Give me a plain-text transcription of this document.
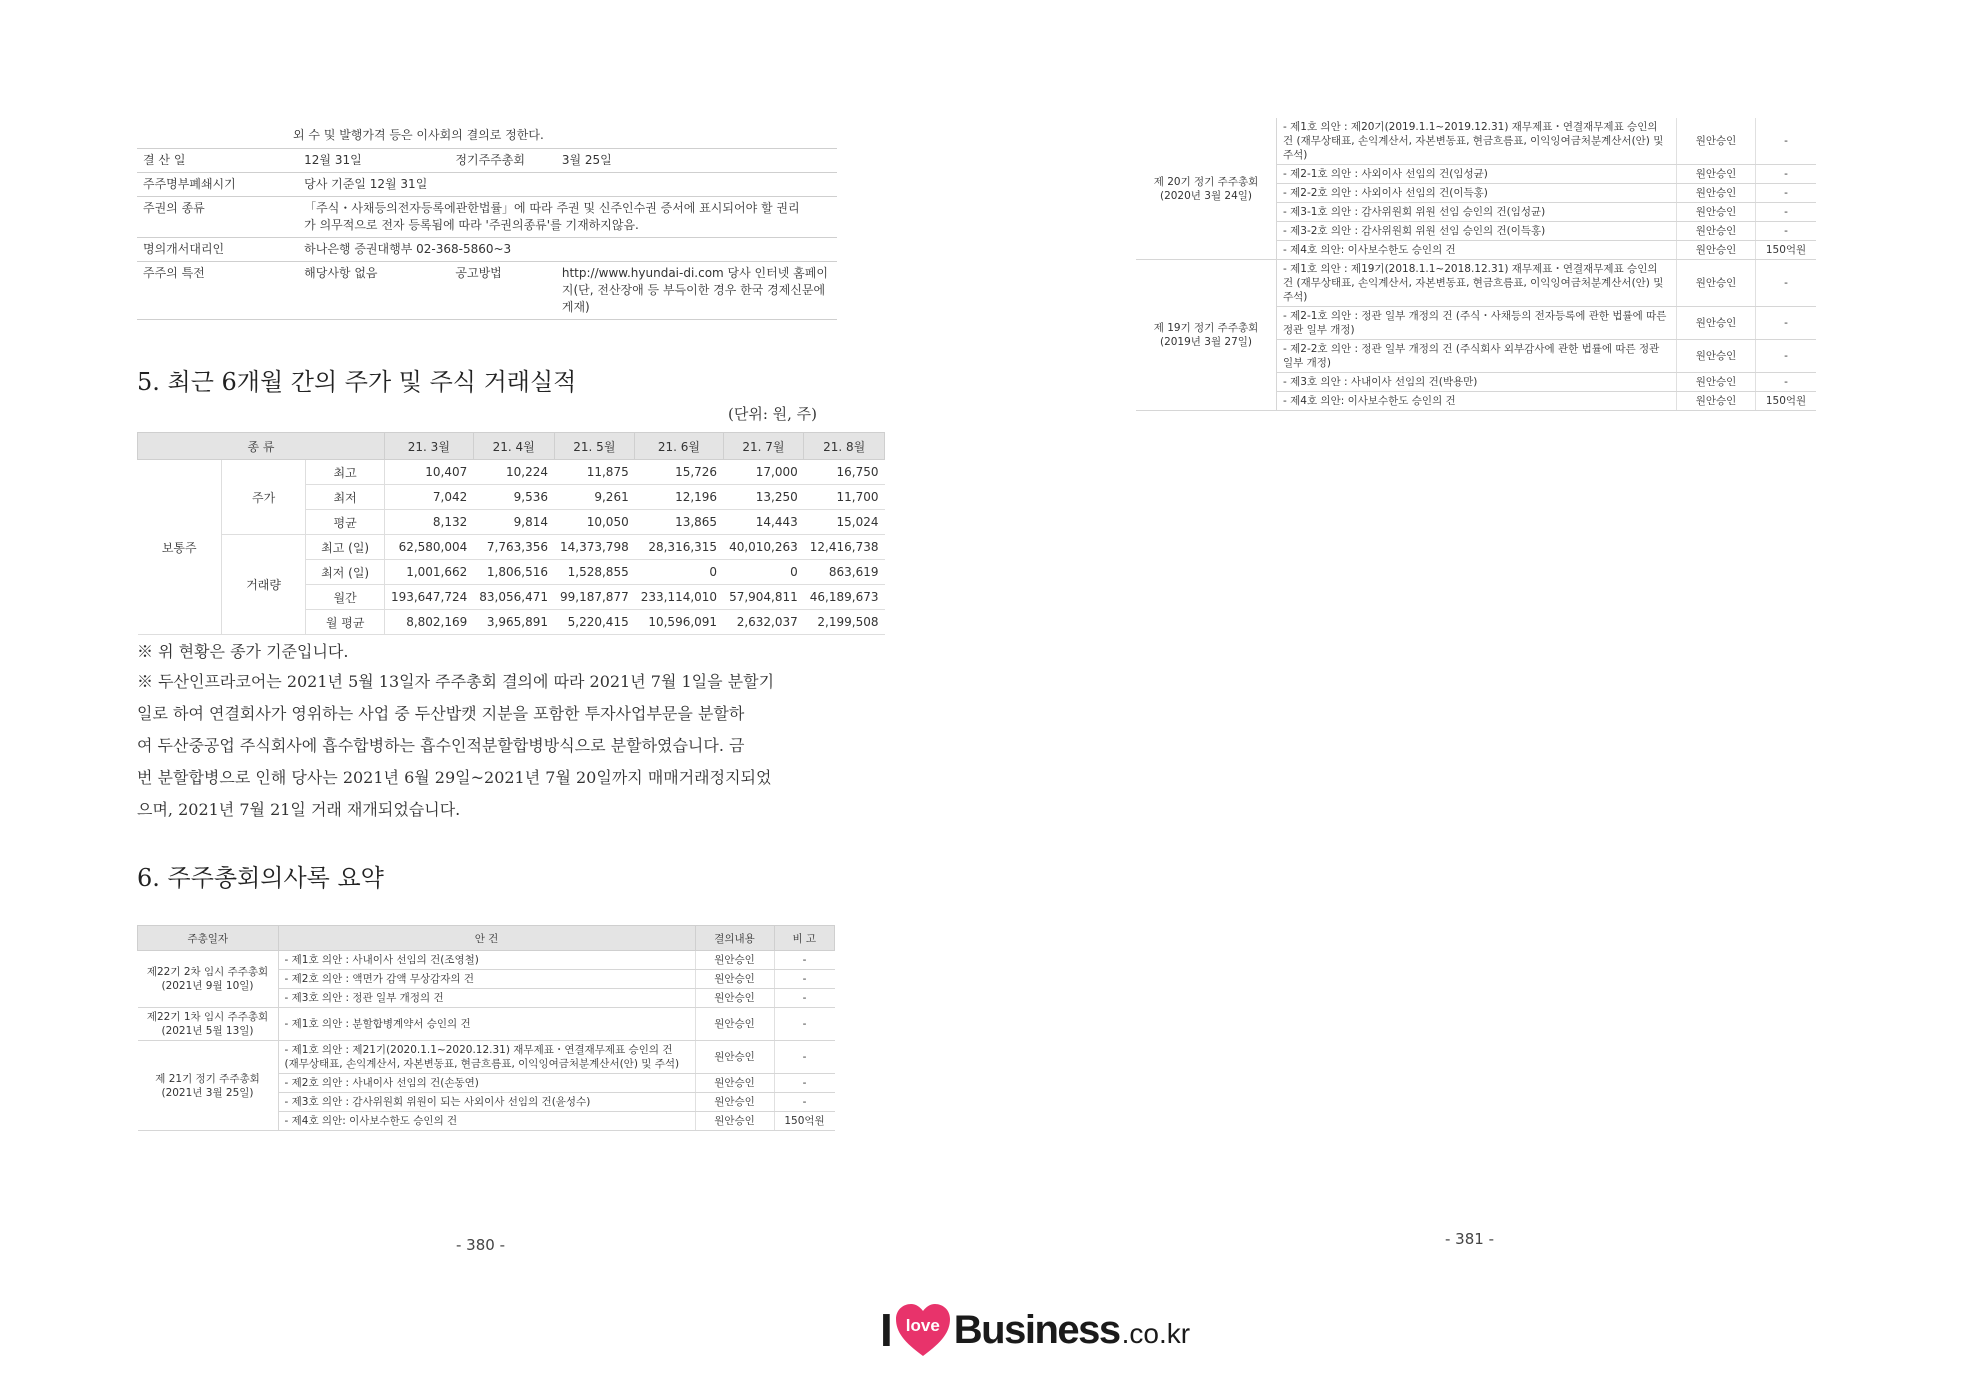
외 수 및 발행가격 등은 이사회의 결의로 정한다.
결 산 일	12월 31일	정기주주총회	3월 25일
주주명부폐쇄시기	당사 기준일 12월 31일		
주권의 종류	「주식・사채등의전자등록에관한법률」에 따라 주권 및 신주인수권 증서에 표시되어야 할 권리가 의무적으로 전자 등록됨에 따라 '주권의종류'를 기재하지않음.		
명의개서대리인	하나은행 증권대행부 02-368-5860~3		
주주의 특전	해당사항 없음	공고방법	http://www.hyundai-di.com 당사 인터넷 홈페이지(단, 전산장애 등 부득이한 경우 한국 경제신문에 게재)
5. 최근 6개월 간의 주가 및 주식 거래실적
(단위: 원, 주)
종 류			21. 3월	21. 4월	21. 5월	21. 6월	21. 7월	21. 8월
보통주	주가	최고	10,407	10,224	11,875	15,726	17,000	16,750
		최저	7,042	9,536	9,261	12,196	13,250	11,700
		평균	8,132	9,814	10,050	13,865	14,443	15,024
	거래량	최고 (일)	62,580,004	7,763,356	14,373,798	28,316,315	40,010,263	12,416,738
		최저 (일)	1,001,662	1,806,516	1,528,855	0	0	863,619
		월간	193,647,724	83,056,471	99,187,877	233,114,010	57,904,811	46,189,673
		월 평균	8,802,169	3,965,891	5,220,415	10,596,091	2,632,037	2,199,508
※ 위 현황은 종가 기준입니다.
※ 두산인프라코어는 2021년 5월 13일자 주주총회 결의에 따라 2021년 7월 1일을 분할기
일로 하여 연결회사가 영위하는 사업 중 두산밥캣 지분을 포함한 투자사업부문을 분할하
여 두산중공업 주식회사에 흡수합병하는 흡수인적분할합병방식으로 분할하였습니다. 금
번 분할합병으로 인해 당사는 2021년 6월 29일~2021년 7월 20일까지 매매거래정지되었
으며, 2021년 7월 21일 거래 재개되었습니다.
6. 주주총회의사록 요약
주총일자	안 건	결의내용	비 고
제22기 2차 임시 주주총회 (2021년 9월 10일)	- 제1호 의안 : 사내이사 선임의 건(조영철)	원안승인	-
	- 제2호 의안 : 액면가 감액 무상감자의 건	원안승인	-
	- 제3호 의안 : 정관 일부 개정의 건	원안승인	-
제22기 1차 임시 주주총회 (2021년 5월 13일)	- 제1호 의안 : 분할합병계약서 승인의 건	원안승인	-
제 21기 정기 주주총회 (2021년 3월 25일)	- 제1호 의안 : 제21기(2020.1.1~2020.12.31) 재무제표・연결재무제표 승인의 건 (재무상태표, 손익계산서, 자본변동표, 현금흐름표, 이익잉여금처분계산서(안) 및 주석)	원안승인	-
	- 제2호 의안 : 사내이사 선임의 건(손동연)	원안승인	-
	- 제3호 의안 : 감사위원회 위원이 되는 사외이사 선임의 건(윤성수)	원안승인	-
	- 제4호 의안: 이사보수한도 승인의 건	원안승인	150억원
제 20기 정기 주주총회 (2020년 3월 24일)	- 제1호 의안 : 제20기(2019.1.1~2019.12.31) 재무제표・연결재무제표 승인의 건 (재무상태표, 손익계산서, 자본변동표, 현금흐름표, 이익잉여금처분계산서(안) 및 주석)	원안승인	-
	- 제2-1호 의안 : 사외이사 선임의 건(임성균)	원안승인	-
	- 제2-2호 의안 : 사외이사 선임의 건(이득홍)	원안승인	-
	- 제3-1호 의안 : 감사위원회 위원 선임 승인의 건(임성균)	원안승인	-
	- 제3-2호 의안 : 감사위원회 위원 선임 승인의 건(이득홍)	원안승인	-
	- 제4호 의안: 이사보수한도 승인의 건	원안승인	150억원
제 19기 정기 주주총회 (2019년 3월 27일)	- 제1호 의안 : 제19기(2018.1.1~2018.12.31) 재무제표・연결재무제표 승인의 건 (재무상태표, 손익계산서, 자본변동표, 현금흐름표, 이익잉여금처분계산서(안) 및 주석)	원안승인	-
	- 제2-1호 의안 : 정관 일부 개정의 건 (주식・사채등의 전자등록에 관한 법률에 따른 정관 일부 개정)	원안승인	-
	- 제2-2호 의안 : 정관 일부 개정의 건 (주식회사 외부감사에 관한 법률에 따른 정관 일부 개정)	원안승인	-
	- 제3호 의안 : 사내이사 선임의 건(박용만)	원안승인	-
	- 제4호 의안: 이사보수한도 승인의 건	원안승인	150억원
- 380 -	- 381 -
I love Business .co.kr
